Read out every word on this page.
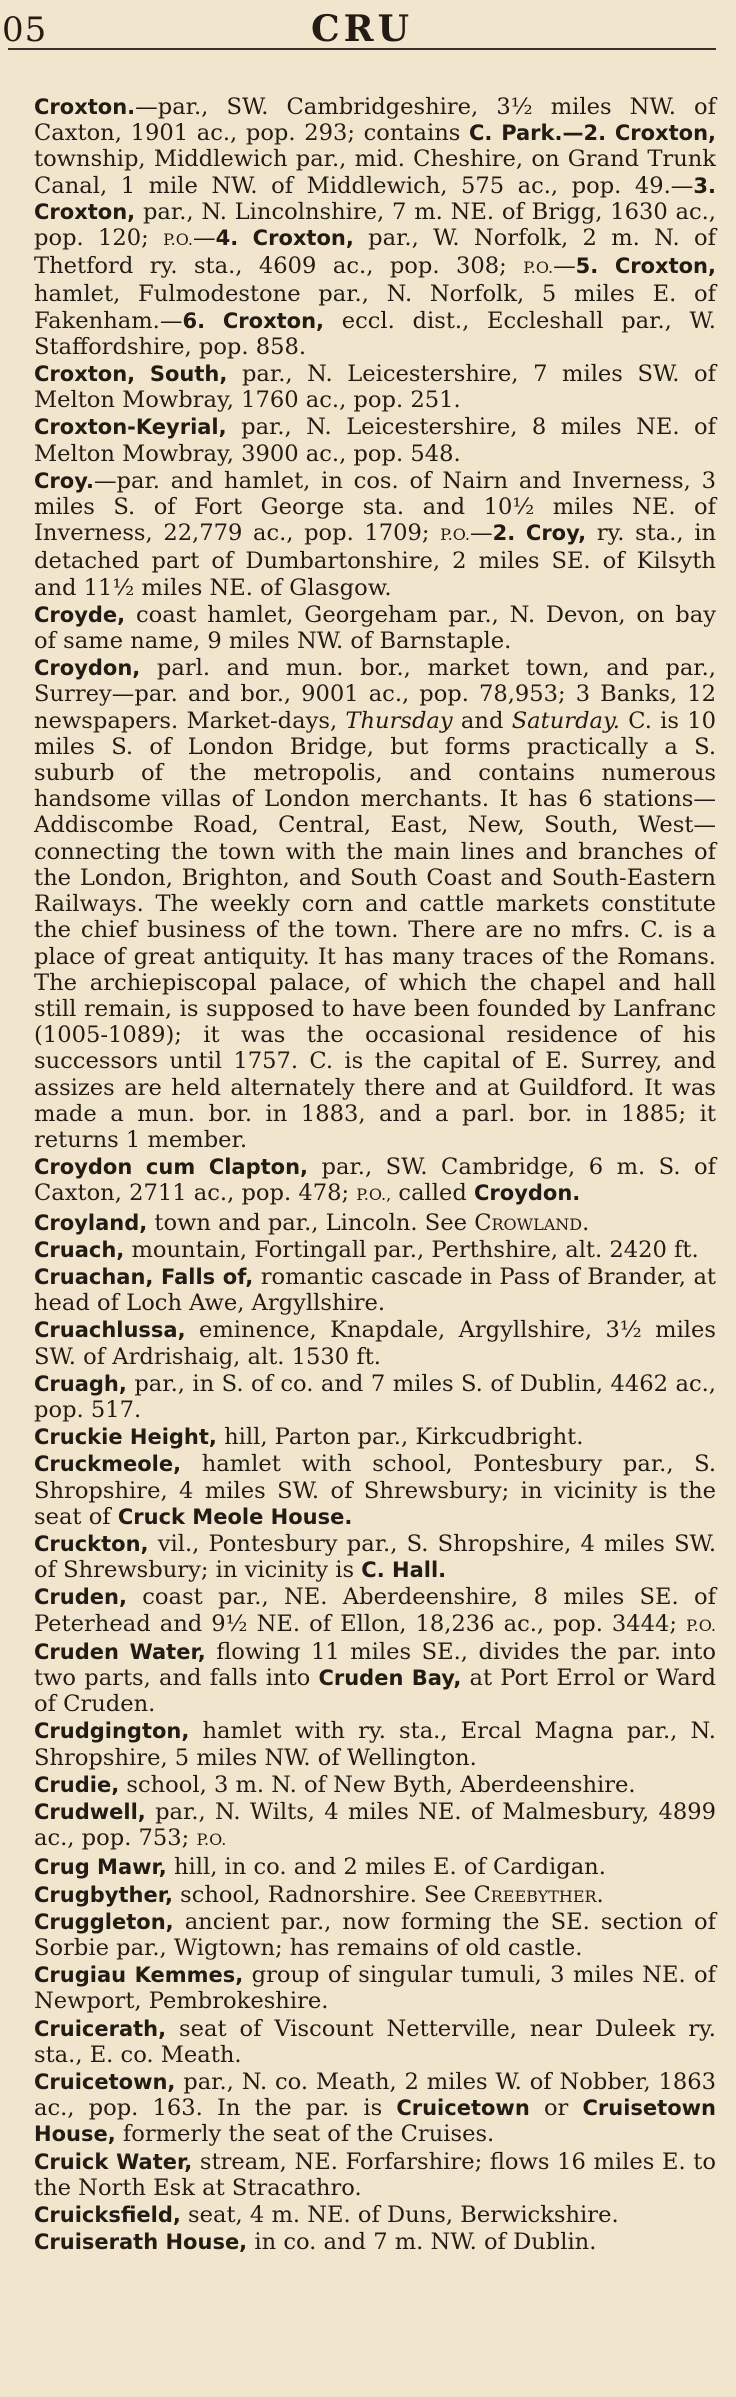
05	CRU

Croxton.—par., SW. Cambridgeshire, 3½ miles NW. of Caxton, 1901 ac., pop. 293; contains C. Park.—2. Croxton, township, Middlewich par., mid. Cheshire, on Grand Trunk Canal, 1 mile NW. of Middlewich, 575 ac., pop. 49.—3. Croxton, par., N. Lincolnshire, 7 m. NE. of Brigg, 1630 ac., pop. 120; P.O.—4. Croxton, par., W. Norfolk, 2 m. N. of Thetford ry. sta., 4609 ac., pop. 308; P.O.—5. Croxton, hamlet, Fulmodestone par., N. Norfolk, 5 miles E. of Fakenham.—6. Croxton, eccl. dist., Eccleshall par., W. Staffordshire, pop. 858.

Croxton, South, par., N. Leicestershire, 7 miles SW. of Melton Mowbray, 1760 ac., pop. 251.

Croxton-Keyrial, par., N. Leicestershire, 8 miles NE. of Melton Mowbray, 3900 ac., pop. 548.

Croy.—par. and hamlet, in cos. of Nairn and Inverness, 3 miles S. of Fort George sta. and 10½ miles NE. of Inverness, 22,779 ac., pop. 1709; P.O.—2. Croy, ry. sta., in detached part of Dumbartonshire, 2 miles SE. of Kilsyth and 11½ miles NE. of Glasgow.

Croyde, coast hamlet, Georgeham par., N. Devon, on bay of same name, 9 miles NW. of Barnstaple.

Croydon, parl. and mun. bor., market town, and par., Surrey—par. and bor., 9001 ac., pop. 78,953; 3 Banks, 12 newspapers. Market-days, Thursday and Saturday. C. is 10 miles S. of London Bridge, but forms practically a S. suburb of the metropolis, and contains numerous handsome villas of London merchants. It has 6 stations—Addiscombe Road, Central, East, New, South, West—connecting the town with the main lines and branches of the London, Brighton, and South Coast and South-Eastern Railways. The weekly corn and cattle markets constitute the chief business of the town. There are no mfrs. C. is a place of great antiquity. It has many traces of the Romans. The archiepiscopal palace, of which the chapel and hall still remain, is supposed to have been founded by Lanfranc (1005-1089); it was the occasional residence of his successors until 1757. C. is the capital of E. Surrey, and assizes are held alternately there and at Guildford. It was made a mun. bor. in 1883, and a parl. bor. in 1885; it returns 1 member.

Croydon cum Clapton, par., SW. Cambridge, 6 m. S. of Caxton, 2711 ac., pop. 478; P.O., called Croydon.

Croyland, town and par., Lincoln. See Crowland.

Cruach, mountain, Fortingall par., Perthshire, alt. 2420 ft.

Cruachan, Falls of, romantic cascade in Pass of Brander, at head of Loch Awe, Argyllshire.

Cruachlussa, eminence, Knapdale, Argyllshire, 3½ miles SW. of Ardrishaig, alt. 1530 ft.

Cruagh, par., in S. of co. and 7 miles S. of Dublin, 4462 ac., pop. 517.

Cruckie Height, hill, Parton par., Kirkcudbright.

Cruckmeole, hamlet with school, Pontesbury par., S. Shropshire, 4 miles SW. of Shrewsbury; in vicinity is the seat of Cruck Meole House.

Cruckton, vil., Pontesbury par., S. Shropshire, 4 miles SW. of Shrewsbury; in vicinity is C. Hall.

Cruden, coast par., NE. Aberdeenshire, 8 miles SE. of Peterhead and 9½ NE. of Ellon, 18,236 ac., pop. 3444; P.O. Cruden Water, flowing 11 miles SE., divides the par. into two parts, and falls into Cruden Bay, at Port Errol or Ward of Cruden.

Crudgington, hamlet with ry. sta., Ercal Magna par., N. Shropshire, 5 miles NW. of Wellington.

Crudie, school, 3 m. N. of New Byth, Aberdeenshire.

Crudwell, par., N. Wilts, 4 miles NE. of Malmesbury, 4899 ac., pop. 753; P.O.

Crug Mawr, hill, in co. and 2 miles E. of Cardigan.

Crugbyther, school, Radnorshire. See Creebyther.

Cruggleton, ancient par., now forming the SE. section of Sorbie par., Wigtown; has remains of old castle.

Crugiau Kemmes, group of singular tumuli, 3 miles NE. of Newport, Pembrokeshire.

Cruicerath, seat of Viscount Netterville, near Duleek ry. sta., E. co. Meath.

Cruicetown, par., N. co. Meath, 2 miles W. of Nobber, 1863 ac., pop. 163. In the par. is Cruicetown or Cruisetown House, formerly the seat of the Cruises.

Cruick Water, stream, NE. Forfarshire; flows 16 miles E. to the North Esk at Stracathro.

Cruicksfield, seat, 4 m. NE. of Duns, Berwickshire.

Cruiserath House, in co. and 7 m. NW. of Dublin.
